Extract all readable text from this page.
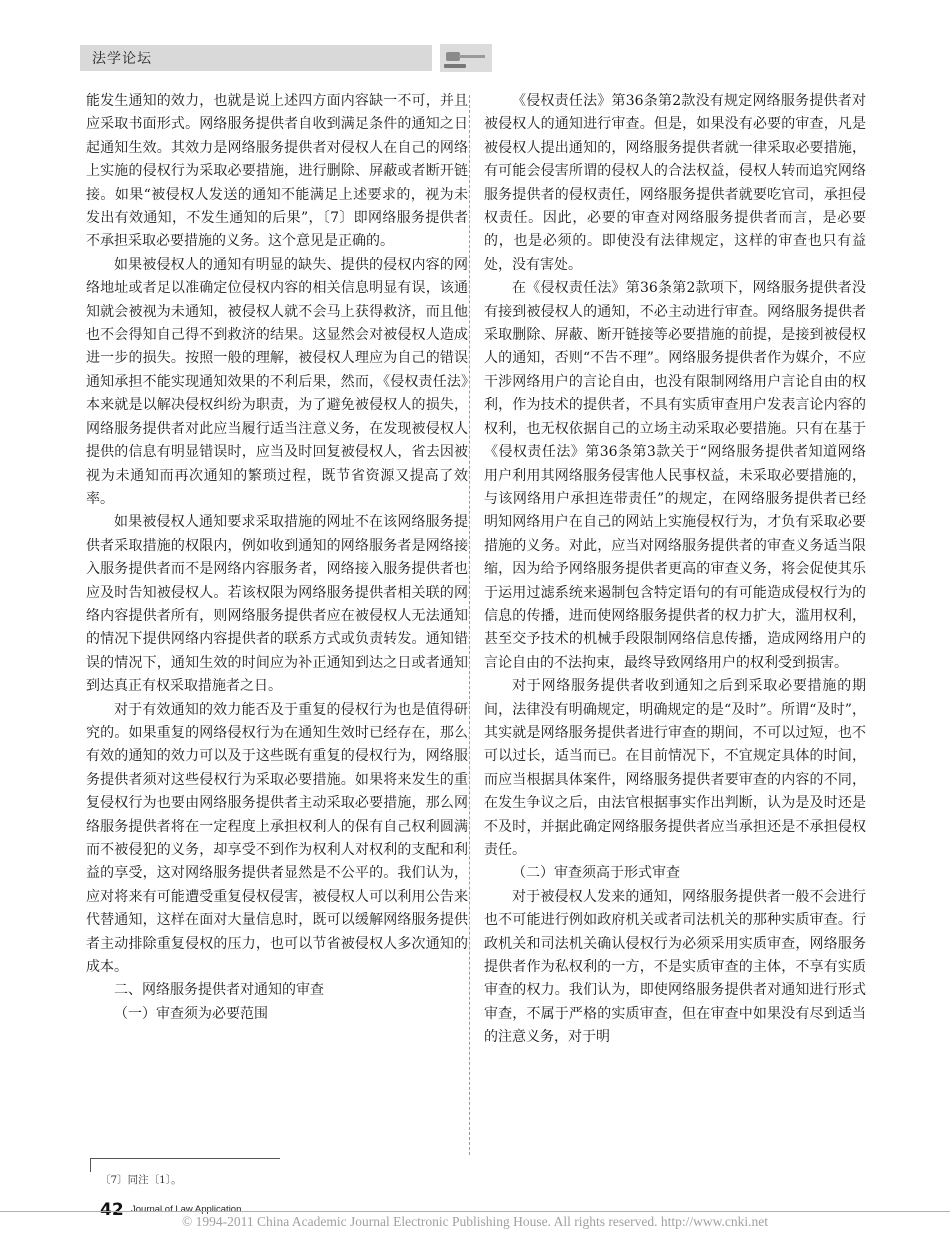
法学论坛

能发生通知的效力，也就是说上述四方面内容缺一不可，并且应采取书面形式。网络服务提供者自收到满足条件的通知之日起通知生效。其效力是网络服务提供者对侵权人在自己的网络上实施的侵权行为采取必要措施，进行删除、屏蔽或者断开链接。如果“被侵权人发送的通知不能满足上述要求的，视为未发出有效通知，不发生通知的后果”，〔7〕即网络服务提供者不承担采取必要措施的义务。这个意见是正确的。

如果被侵权人的通知有明显的缺失、提供的侵权内容的网络地址或者足以准确定位侵权内容的相关信息明显有误，该通知就会被视为未通知，被侵权人就不会马上获得救济，而且他也不会得知自己得不到救济的结果。这显然会对被侵权人造成进一步的损失。按照一般的理解，被侵权人理应为自己的错误通知承担不能实现通知效果的不利后果，然而，《侵权责任法》本来就是以解决侵权纠纷为职责，为了避免被侵权人的损失，网络服务提供者对此应当履行适当注意义务，在发现被侵权人提供的信息有明显错误时，应当及时回复被侵权人，省去因被视为未通知而再次通知的繁琐过程，既节省资源又提高了效率。

如果被侵权人通知要求采取措施的网址不在该网络服务提供者采取措施的权限内，例如收到通知的网络服务者是网络接入服务提供者而不是网络内容服务者，网络接入服务提供者也应及时告知被侵权人。若该权限为网络服务提供者相关联的网络内容提供者所有，则网络服务提供者应在被侵权人无法通知的情况下提供网络内容提供者的联系方式或负责转发。通知错误的情况下，通知生效的时间应为补正通知到达之日或者通知到达真正有权采取措施者之日。

对于有效通知的效力能否及于重复的侵权行为也是值得研究的。如果重复的网络侵权行为在通知生效时已经存在，那么有效的通知的效力可以及于这些既有重复的侵权行为，网络服务提供者须对这些侵权行为采取必要措施。如果将来发生的重复侵权行为也要由网络服务提供者主动采取必要措施，那么网络服务提供者将在一定程度上承担权利人的保有自己权利圆满而不被侵犯的义务，却享受不到作为权利人对权利的支配和利益的享受，这对网络服务提供者显然是不公平的。我们认为，应对将来有可能遭受重复侵权侵害，被侵权人可以利用公告来代替通知，这样在面对大量信息时，既可以缓解网络服务提供者主动排除重复侵权的压力，也可以节省被侵权人多次通知的成本。

二、网络服务提供者对通知的审查

（一）审查须为必要范围

《侵权责任法》第36条第2款没有规定网络服务提供者对被侵权人的通知进行审查。但是，如果没有必要的审查，凡是被侵权人提出通知的，网络服务提供者就一律采取必要措施，有可能会侵害所谓的侵权人的合法权益，侵权人转而追究网络服务提供者的侵权责任，网络服务提供者就要吃官司，承担侵权责任。因此，必要的审查对网络服务提供者而言，是必要的，也是必须的。即使没有法律规定，这样的审查也只有益处，没有害处。

在《侵权责任法》第36条第2款项下，网络服务提供者没有接到被侵权人的通知，不必主动进行审查。网络服务提供者采取删除、屏蔽、断开链接等必要措施的前提，是接到被侵权人的通知，否则“不告不理”。网络服务提供者作为媒介，不应干涉网络用户的言论自由，也没有限制网络用户言论自由的权利，作为技术的提供者，不具有实质审查用户发表言论内容的权利，也无权依据自己的立场主动采取必要措施。只有在基于《侵权责任法》第36条第3款关于“网络服务提供者知道网络用户利用其网络服务侵害他人民事权益，未采取必要措施的，与该网络用户承担连带责任”的规定，在网络服务提供者已经明知网络用户在自己的网站上实施侵权行为，才负有采取必要措施的义务。对此，应当对网络服务提供者的审查义务适当限缩，因为给予网络服务提供者更高的审查义务，将会促使其乐于运用过滤系统来遏制包含特定语句的有可能造成侵权行为的信息的传播，进而使网络服务提供者的权力扩大，滥用权利，甚至交予技术的机械手段限制网络信息传播，造成网络用户的言论自由的不法拘束，最终导致网络用户的权利受到损害。

对于网络服务提供者收到通知之后到采取必要措施的期间，法律没有明确规定，明确规定的是“及时”。所谓“及时”，其实就是网络服务提供者进行审查的期间，不可以过短，也不可以过长，适当而已。在目前情况下，不宜规定具体的时间，而应当根据具体案件，网络服务提供者要审查的内容的不同，在发生争议之后，由法官根据事实作出判断，认为是及时还是不及时，并据此确定网络服务提供者应当承担还是不承担侵权责任。

（二）审查须高于形式审查

对于被侵权人发来的通知，网络服务提供者一般不会进行也不可能进行例如政府机关或者司法机关的那种实质审查。行政机关和司法机关确认侵权行为必须采用实质审查，网络服务提供者作为私权利的一方，不是实质审查的主体，不享有实质审查的权力。我们认为，即使网络服务提供者对通知进行形式审查，不属于严格的实质审查，但在审查中如果没有尽到适当的注意义务，对于明

〔7〕同注〔1〕。
42 Journal of Law Application
© 1994-2011 China Academic Journal Electronic Publishing House. All rights reserved. http://www.cnki.net
